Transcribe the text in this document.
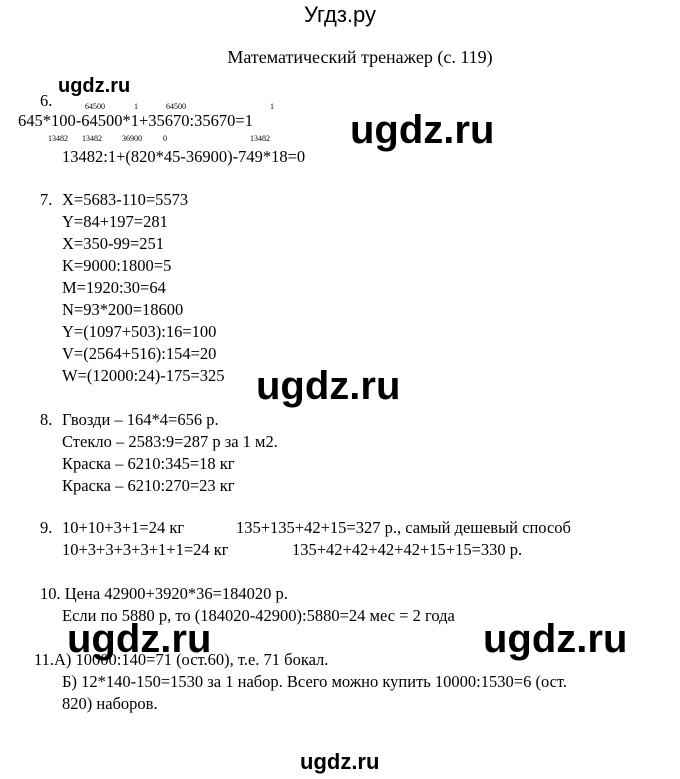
Угдз.ру
Математический тренажер (с. 119)
ugdz.ru
ugdz.ru
ugdz.ru
ugdz.ru	ugdz.ru
ugdz.ru
6.	64500	1	64500	1
645*100-64500*1+35670:35670=1
13482 13482	36900	0	13482
13482:1+(820*45-36900)-749*18=0
7. X=5683-110=5573
Y=84+197=281
X=350-99=251
K=9000:1800=5
M=1920:30=64
N=93*200=18600
Y=(1097+503):16=100
V=(2564+516):154=20
W=(12000:24)-175=325
8. Гвозди – 164*4=656 р.
Стекло – 2583:9=287 р за 1 м2.
Краска – 6210:345=18 кг
Краска – 6210:270=23 кг
9. 10+10+3+1=24 кг	135+135+42+15=327 р., самый дешевый способ
10+3+3+3+3+1+1=24 кг	135+42+42+42+42+15+15=330 р.
10. Цена 42900+3920*36=184020 р.
Если по 5880 р, то (184020-42900):5880=24 мес = 2 года
11.А) 10000:140=71 (ост.60), т.е. 71 бокал.
Б) 12*140-150=1530 за 1 набор. Всего можно купить 10000:1530=6 (ост.
820) наборов.
